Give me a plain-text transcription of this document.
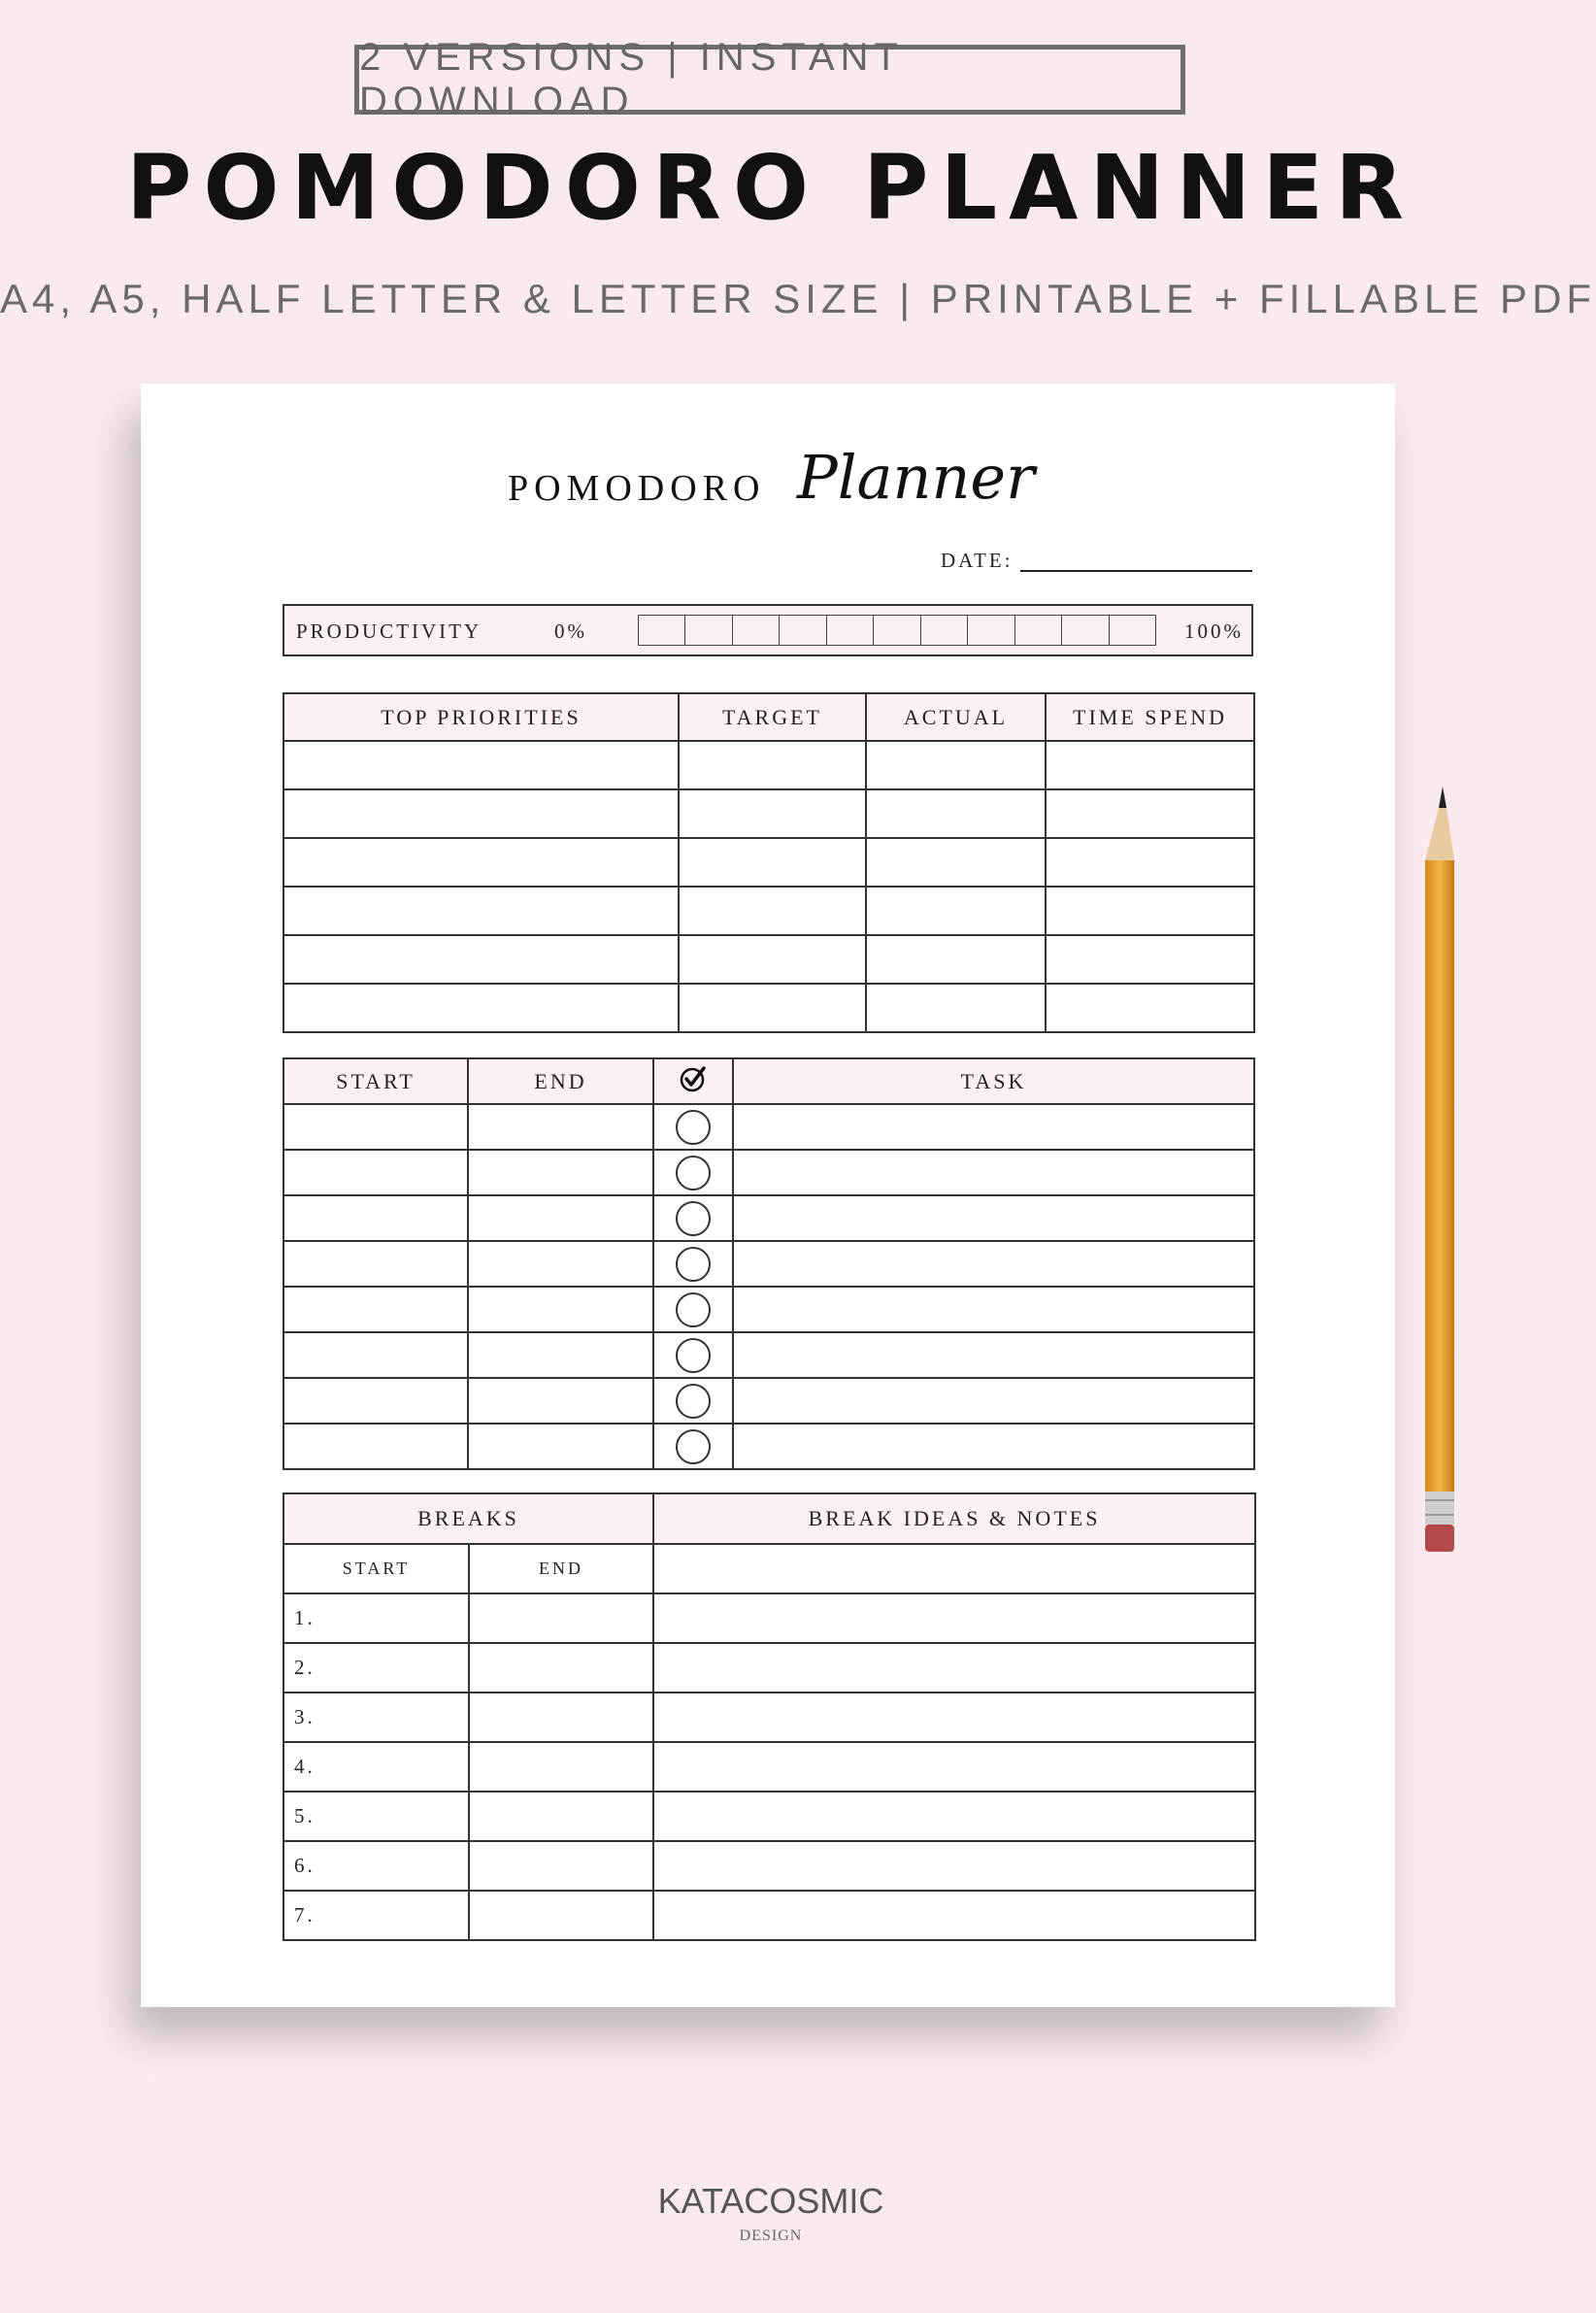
2 VERSIONS | INSTANT DOWNLOAD
POMODORO PLANNER
A4, A5, HALF LETTER & LETTER SIZE | PRINTABLE + FILLABLE PDF
POMODORO Planner
DATE:
PRODUCTIVITY	0%	100%
TOP PRIORITIES	TARGET	ACTUAL	TIME SPEND

START	END		TASK

BREAKS		BREAK IDEAS & NOTES
START	END	
1.		
2.		
3.		
4.		
5.		
6.		
7.		
KATACOSMIC
DESIGN
